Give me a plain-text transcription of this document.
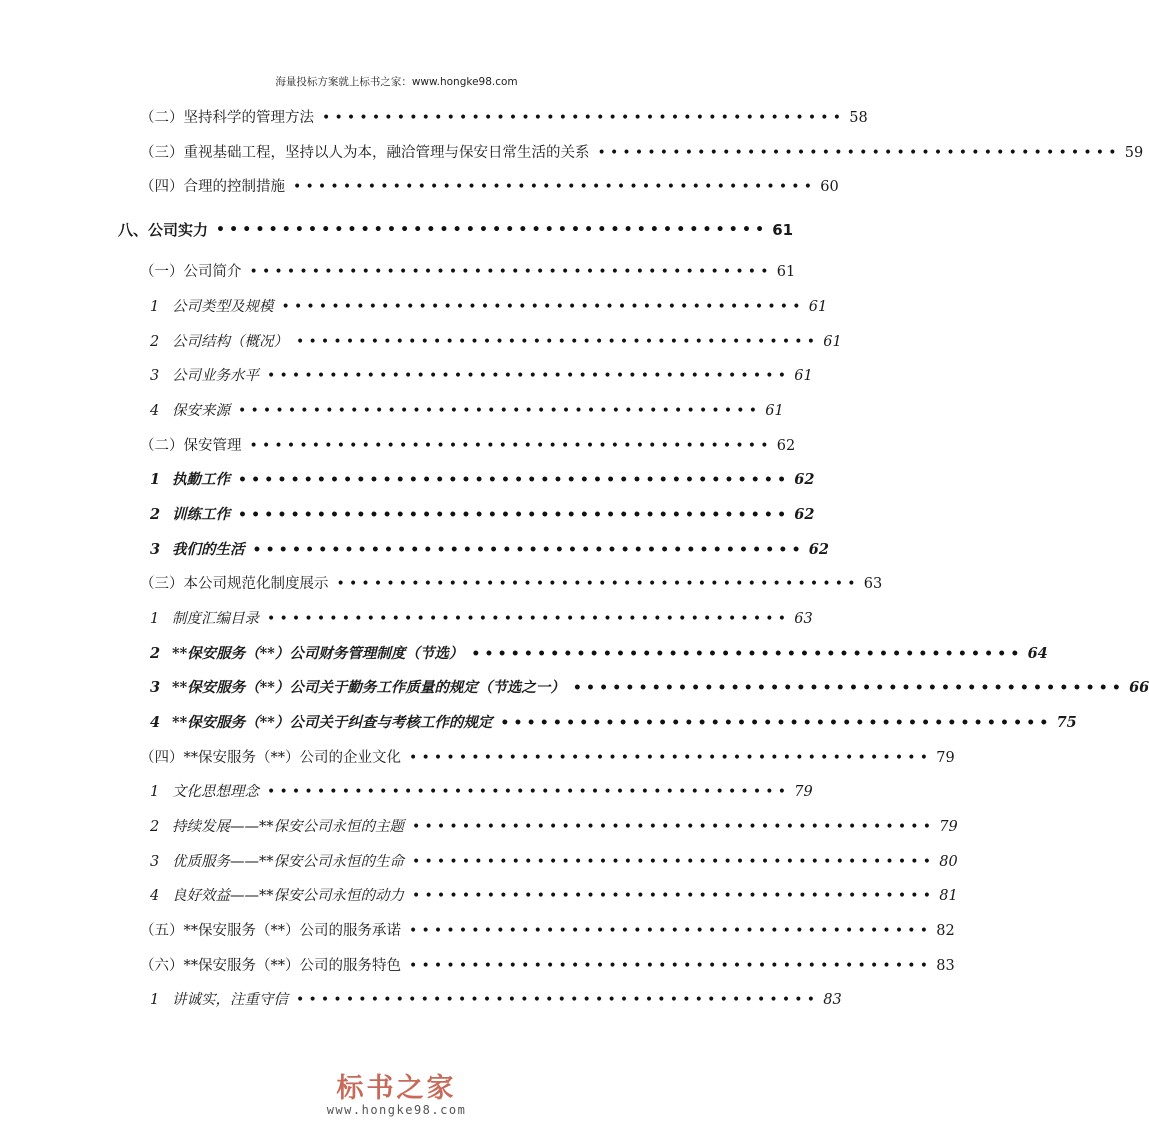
海量投标方案就上标书之家：www.hongke98.com
（二）坚持科学的管理方法 •••••••••••••••••••••••••••••••••••••••••• 58
（三）重视基础工程，坚持以人为本，融洽管理与保安日常生活的关系 •••••••••••••••••••••••••••••••••••••••••• 59
（四）合理的控制措施 •••••••••••••••••••••••••••••••••••••••••• 60
八、公司实力 •••••••••••••••••••••••••••••••••••••••••• 61
（一）公司简介 •••••••••••••••••••••••••••••••••••••••••• 61
1 公司类型及规模 •••••••••••••••••••••••••••••••••••••••••• 61
2 公司结构（概况） •••••••••••••••••••••••••••••••••••••••••• 61
3 公司业务水平 •••••••••••••••••••••••••••••••••••••••••• 61
4 保安来源 •••••••••••••••••••••••••••••••••••••••••• 61
（二）保安管理 •••••••••••••••••••••••••••••••••••••••••• 62
1 执勤工作 •••••••••••••••••••••••••••••••••••••••••• 62
2 训练工作 •••••••••••••••••••••••••••••••••••••••••• 62
3 我们的生活 •••••••••••••••••••••••••••••••••••••••••• 62
（三）本公司规范化制度展示 •••••••••••••••••••••••••••••••••••••••••• 63
1 制度汇编目录 •••••••••••••••••••••••••••••••••••••••••• 63
2 **保安服务（**）公司财务管理制度（节选） •••••••••••••••••••••••••••••••••••••••••• 64
3 **保安服务（**）公司关于勤务工作质量的规定（节选之一） •••••••••••••••••••••••••••••••••••••••••• 66
4 **保安服务（**）公司关于纠查与考核工作的规定 •••••••••••••••••••••••••••••••••••••••••• 75
（四）**保安服务（**）公司的企业文化 •••••••••••••••••••••••••••••••••••••••••• 79
1 文化思想理念 •••••••••••••••••••••••••••••••••••••••••• 79
2 持续发展——**保安公司永恒的主题 •••••••••••••••••••••••••••••••••••••••••• 79
3 优质服务——**保安公司永恒的生命 •••••••••••••••••••••••••••••••••••••••••• 80
4 良好效益——**保安公司永恒的动力 •••••••••••••••••••••••••••••••••••••••••• 81
（五）**保安服务（**）公司的服务承诺 •••••••••••••••••••••••••••••••••••••••••• 82
（六）**保安服务（**）公司的服务特色 •••••••••••••••••••••••••••••••••••••••••• 83
1 讲诚实，注重守信 •••••••••••••••••••••••••••••••••••••••••• 83
标书之家
www.hongke98.com
